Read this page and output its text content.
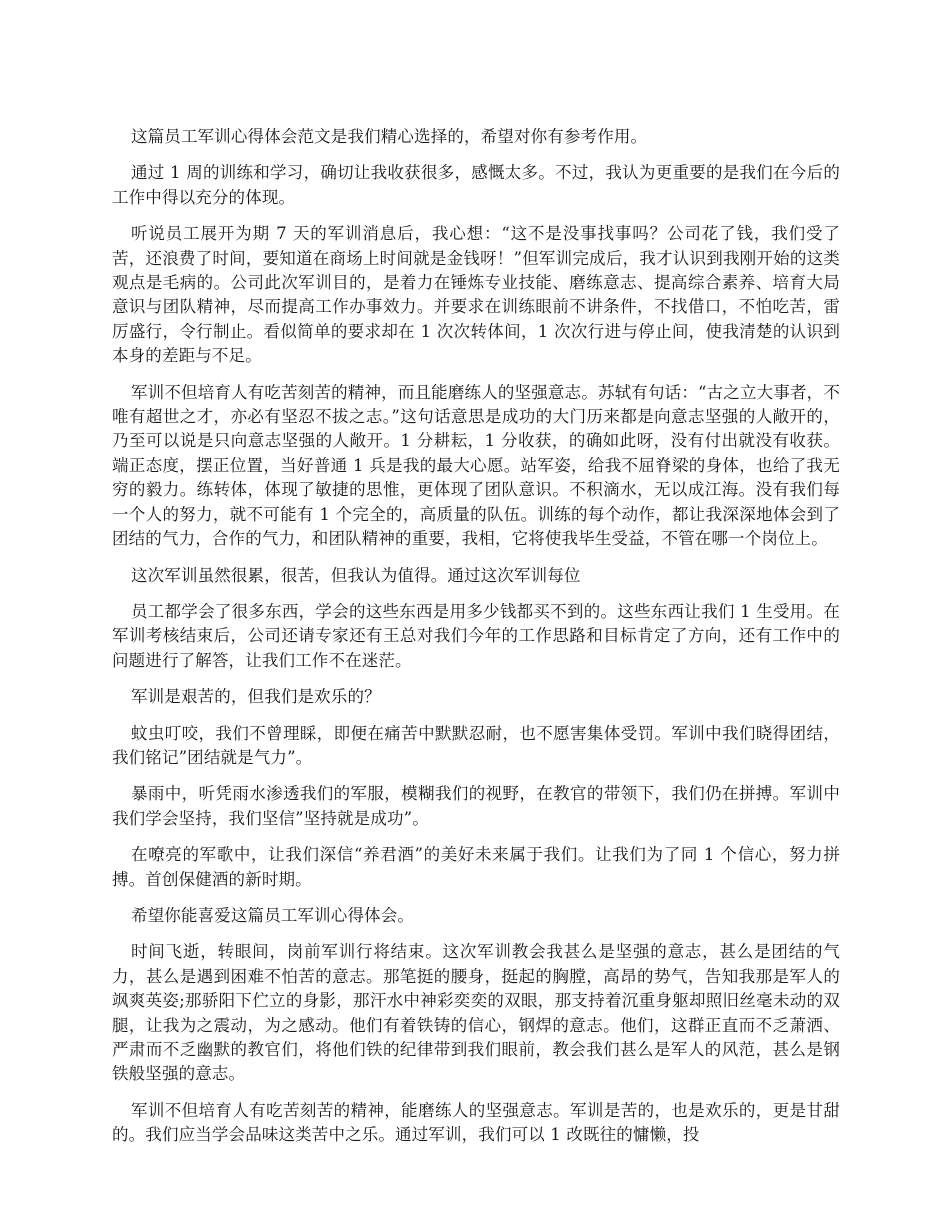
这篇员工军训心得体会范文是我们精心选择的，希望对你有参考作用。

通过 1 周的训练和学习，确切让我收获很多，感慨太多。不过，我认为更重要的是我们在今后的工作中得以充分的体现。

听说员工展开为期 7 天的军训消息后，我心想：“这不是没事找事吗？公司花了钱，我们受了苦，还浪费了时间，要知道在商场上时间就是金钱呀！”但军训完成后，我才认识到我刚开始的这类观点是毛病的。公司此次军训目的，是着力在锤炼专业技能、磨练意志、提高综合素养、培育大局意识与团队精神，尽而提高工作办事效力。并要求在训练眼前不讲条件，不找借口，不怕吃苦，雷厉盛行，令行制止。看似简单的要求却在 1 次次转体间，1 次次行进与停止间，使我清楚的认识到本身的差距与不足。

军训不但培育人有吃苦刻苦的精神，而且能磨练人的坚强意志。苏轼有句话：“古之立大事者，不唯有超世之才，亦必有坚忍不拔之志。”这句话意思是成功的大门历来都是向意志坚强的人敞开的，乃至可以说是只向意志坚强的人敞开。1 分耕耘，1 分收获，的确如此呀，没有付出就没有收获。端正态度，摆正位置，当好普通 1 兵是我的最大心愿。站军姿，给我不屈脊梁的身体，也给了我无穷的毅力。练转体，体现了敏捷的思惟，更体现了团队意识。不积滴水，无以成江海。没有我们每一个人的努力，就不可能有 1 个完全的，高质量的队伍。训练的每个动作，都让我深深地体会到了团结的气力，合作的气力，和团队精神的重要，我相，它将使我毕生受益，不管在哪一个岗位上。

这次军训虽然很累，很苦，但我认为值得。通过这次军训每位

员工都学会了很多东西，学会的这些东西是用多少钱都买不到的。这些东西让我们 1 生受用。在军训考核结束后，公司还请专家还有王总对我们今年的工作思路和目标肯定了方向，还有工作中的问题进行了解答，让我们工作不在迷茫。

军训是艰苦的，但我们是欢乐的？

蚊虫叮咬，我们不曾理睬，即便在痛苦中默默忍耐，也不愿害集体受罚。军训中我们晓得团结，我们铭记”团结就是气力”。

暴雨中，听凭雨水渗透我们的军服，模糊我们的视野，在教官的带领下，我们仍在拼搏。军训中我们学会坚持，我们坚信”坚持就是成功”。

在嘹亮的军歌中，让我们深信“养君酒”的美好未来属于我们。让我们为了同 1 个信心，努力拼搏。首创保健酒的新时期。

希望你能喜爱这篇员工军训心得体会。

时间飞逝，转眼间，岗前军训行将结束。这次军训教会我甚么是坚强的意志，甚么是团结的气力，甚么是遇到困难不怕苦的意志。那笔挺的腰身，挺起的胸膛，高昂的势气，告知我那是军人的飒爽英姿;那骄阳下伫立的身影，那汗水中神彩奕奕的双眼，那支持着沉重身躯却照旧丝毫未动的双腿，让我为之震动，为之感动。他们有着铁铸的信心，钢焊的意志。他们，这群正直而不乏萧洒、严肃而不乏幽默的教官们，将他们铁的纪律带到我们眼前，教会我们甚么是军人的风范，甚么是钢铁般坚强的意志。

军训不但培育人有吃苦刻苦的精神，能磨练人的坚强意志。军训是苦的，也是欢乐的，更是甘甜的。我们应当学会品味这类苦中之乐。通过军训，我们可以 1 改既往的慵懒，投
